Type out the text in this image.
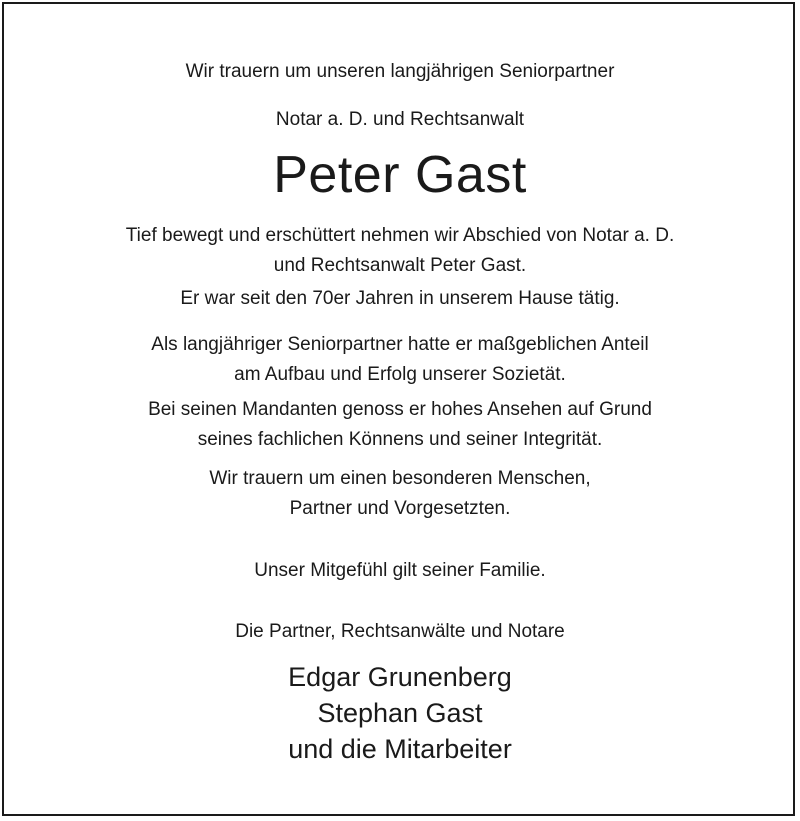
Wir trauern um unseren langjährigen Seniorpartner
Notar a. D. und Rechtsanwalt
Peter Gast
Tief bewegt und erschüttert nehmen wir Abschied von Notar a. D.
und Rechtsanwalt Peter Gast.
Er war seit den 70er Jahren in unserem Hause tätig.
Als langjähriger Seniorpartner hatte er maßgeblichen Anteil
am Aufbau und Erfolg unserer Sozietät.
Bei seinen Mandanten genoss er hohes Ansehen auf Grund
seines fachlichen Könnens und seiner Integrität.
Wir trauern um einen besonderen Menschen,
Partner und Vorgesetzten.
Unser Mitgefühl gilt seiner Familie.
Die Partner, Rechtsanwälte und Notare
Edgar Grunenberg
Stephan Gast
und die Mitarbeiter
